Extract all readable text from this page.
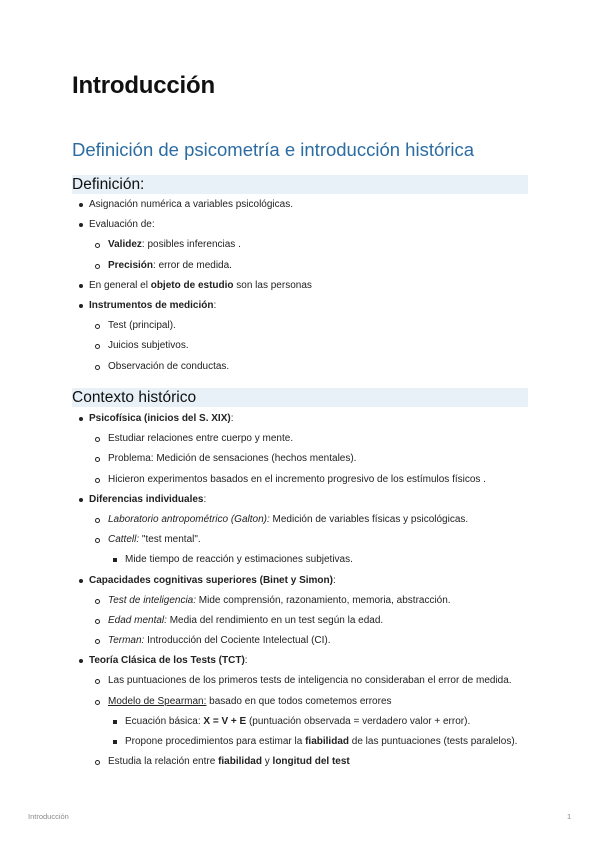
Introducción
Definición de psicometría e introducción histórica
Definición:
Asignación numérica a variables psicológicas.
Evaluación de:
Validez: posibles inferencias .
Precisión: error de medida.
En general el objeto de estudio son las personas
Instrumentos de medición:
Test (principal).
Juicios subjetivos.
Observación de conductas.
Contexto histórico
Psicofísica (inicios del S. XIX):
Estudiar relaciones entre cuerpo y mente.
Problema: Medición de sensaciones (hechos mentales).
Hicieron experimentos basados en el incremento progresivo de los estímulos físicos .
Diferencias individuales:
Laboratorio antropométrico (Galton): Medición de variables físicas y psicológicas.
Cattell: "test mental".
Mide tiempo de reacción y estimaciones subjetivas.
Capacidades cognitivas superiores (Binet y Simon):
Test de inteligencia: Mide comprensión, razonamiento, memoria, abstracción.
Edad mental: Media del rendimiento en un test según la edad.
Terman: Introducción del Cociente Intelectual (CI).
Teoría Clásica de los Tests (TCT):
Las puntuaciones de los primeros tests de inteligencia no consideraban el error de medida.
Modelo de Spearman: basado en que todos cometemos errores
Ecuación básica: X = V + E (puntuación observada = verdadero valor + error).
Propone procedimientos para estimar la fiabilidad de las puntuaciones (tests paralelos).
Estudia la relación entre fiabilidad y longitud del test
Introducción	1
